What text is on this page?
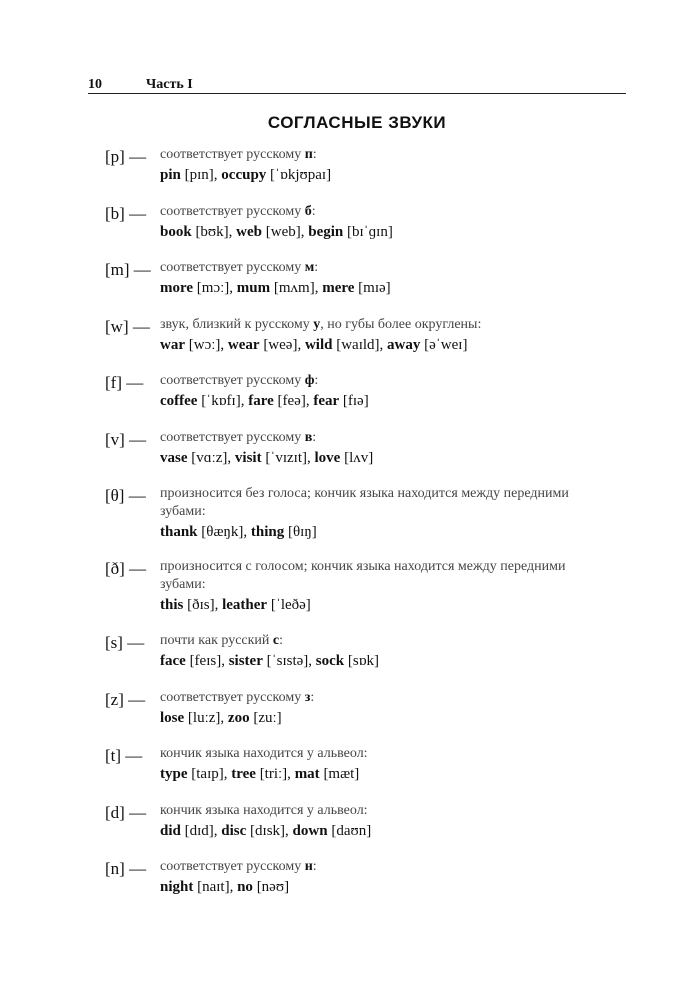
10	Часть I
СОГЛАСНЫЕ ЗВУКИ
[p] — соответствует русскому п:
pin [pɪn], occupy [ˈɒkjʊpaɪ]
[b] — соответствует русскому б:
book [bʊk], web [web], begin [bɪˈɡɪn]
[m] — соответствует русскому м:
more [mɔː], mum [mʌm], mere [mɪə]
[w] — звук, близкий к русскому у, но губы более округлены:
war [wɔː], wear [weə], wild [waɪld], away [əˈweɪ]
[f] — соответствует русскому ф:
coffee [ˈkɒfɪ], fare [feə], fear [fɪə]
[v] — соответствует русскому в:
vase [vɑːz], visit [ˈvɪzɪt], love [lʌv]
[θ] — произносится без голоса; кончик языка находится между передними
зубами:
thank [θæŋk], thing [θɪŋ]
[ð] — произносится с голосом; кончик языка находится между передними
зубами:
this [ðɪs], leather [ˈleðə]
[s] — почти как русский с:
face [feɪs], sister [ˈsɪstə], sock [sɒk]
[z] — соответствует русскому з:
lose [luːz], zoo [zuː]
[t] — кончик языка находится у альвеол:
type [taɪp], tree [triː], mat [mæt]
[d] — кончик языка находится у альвеол:
did [dɪd], disc [dɪsk], down [daʊn]
[n] — соответствует русскому н:
night [naɪt], no [nəʊ]
